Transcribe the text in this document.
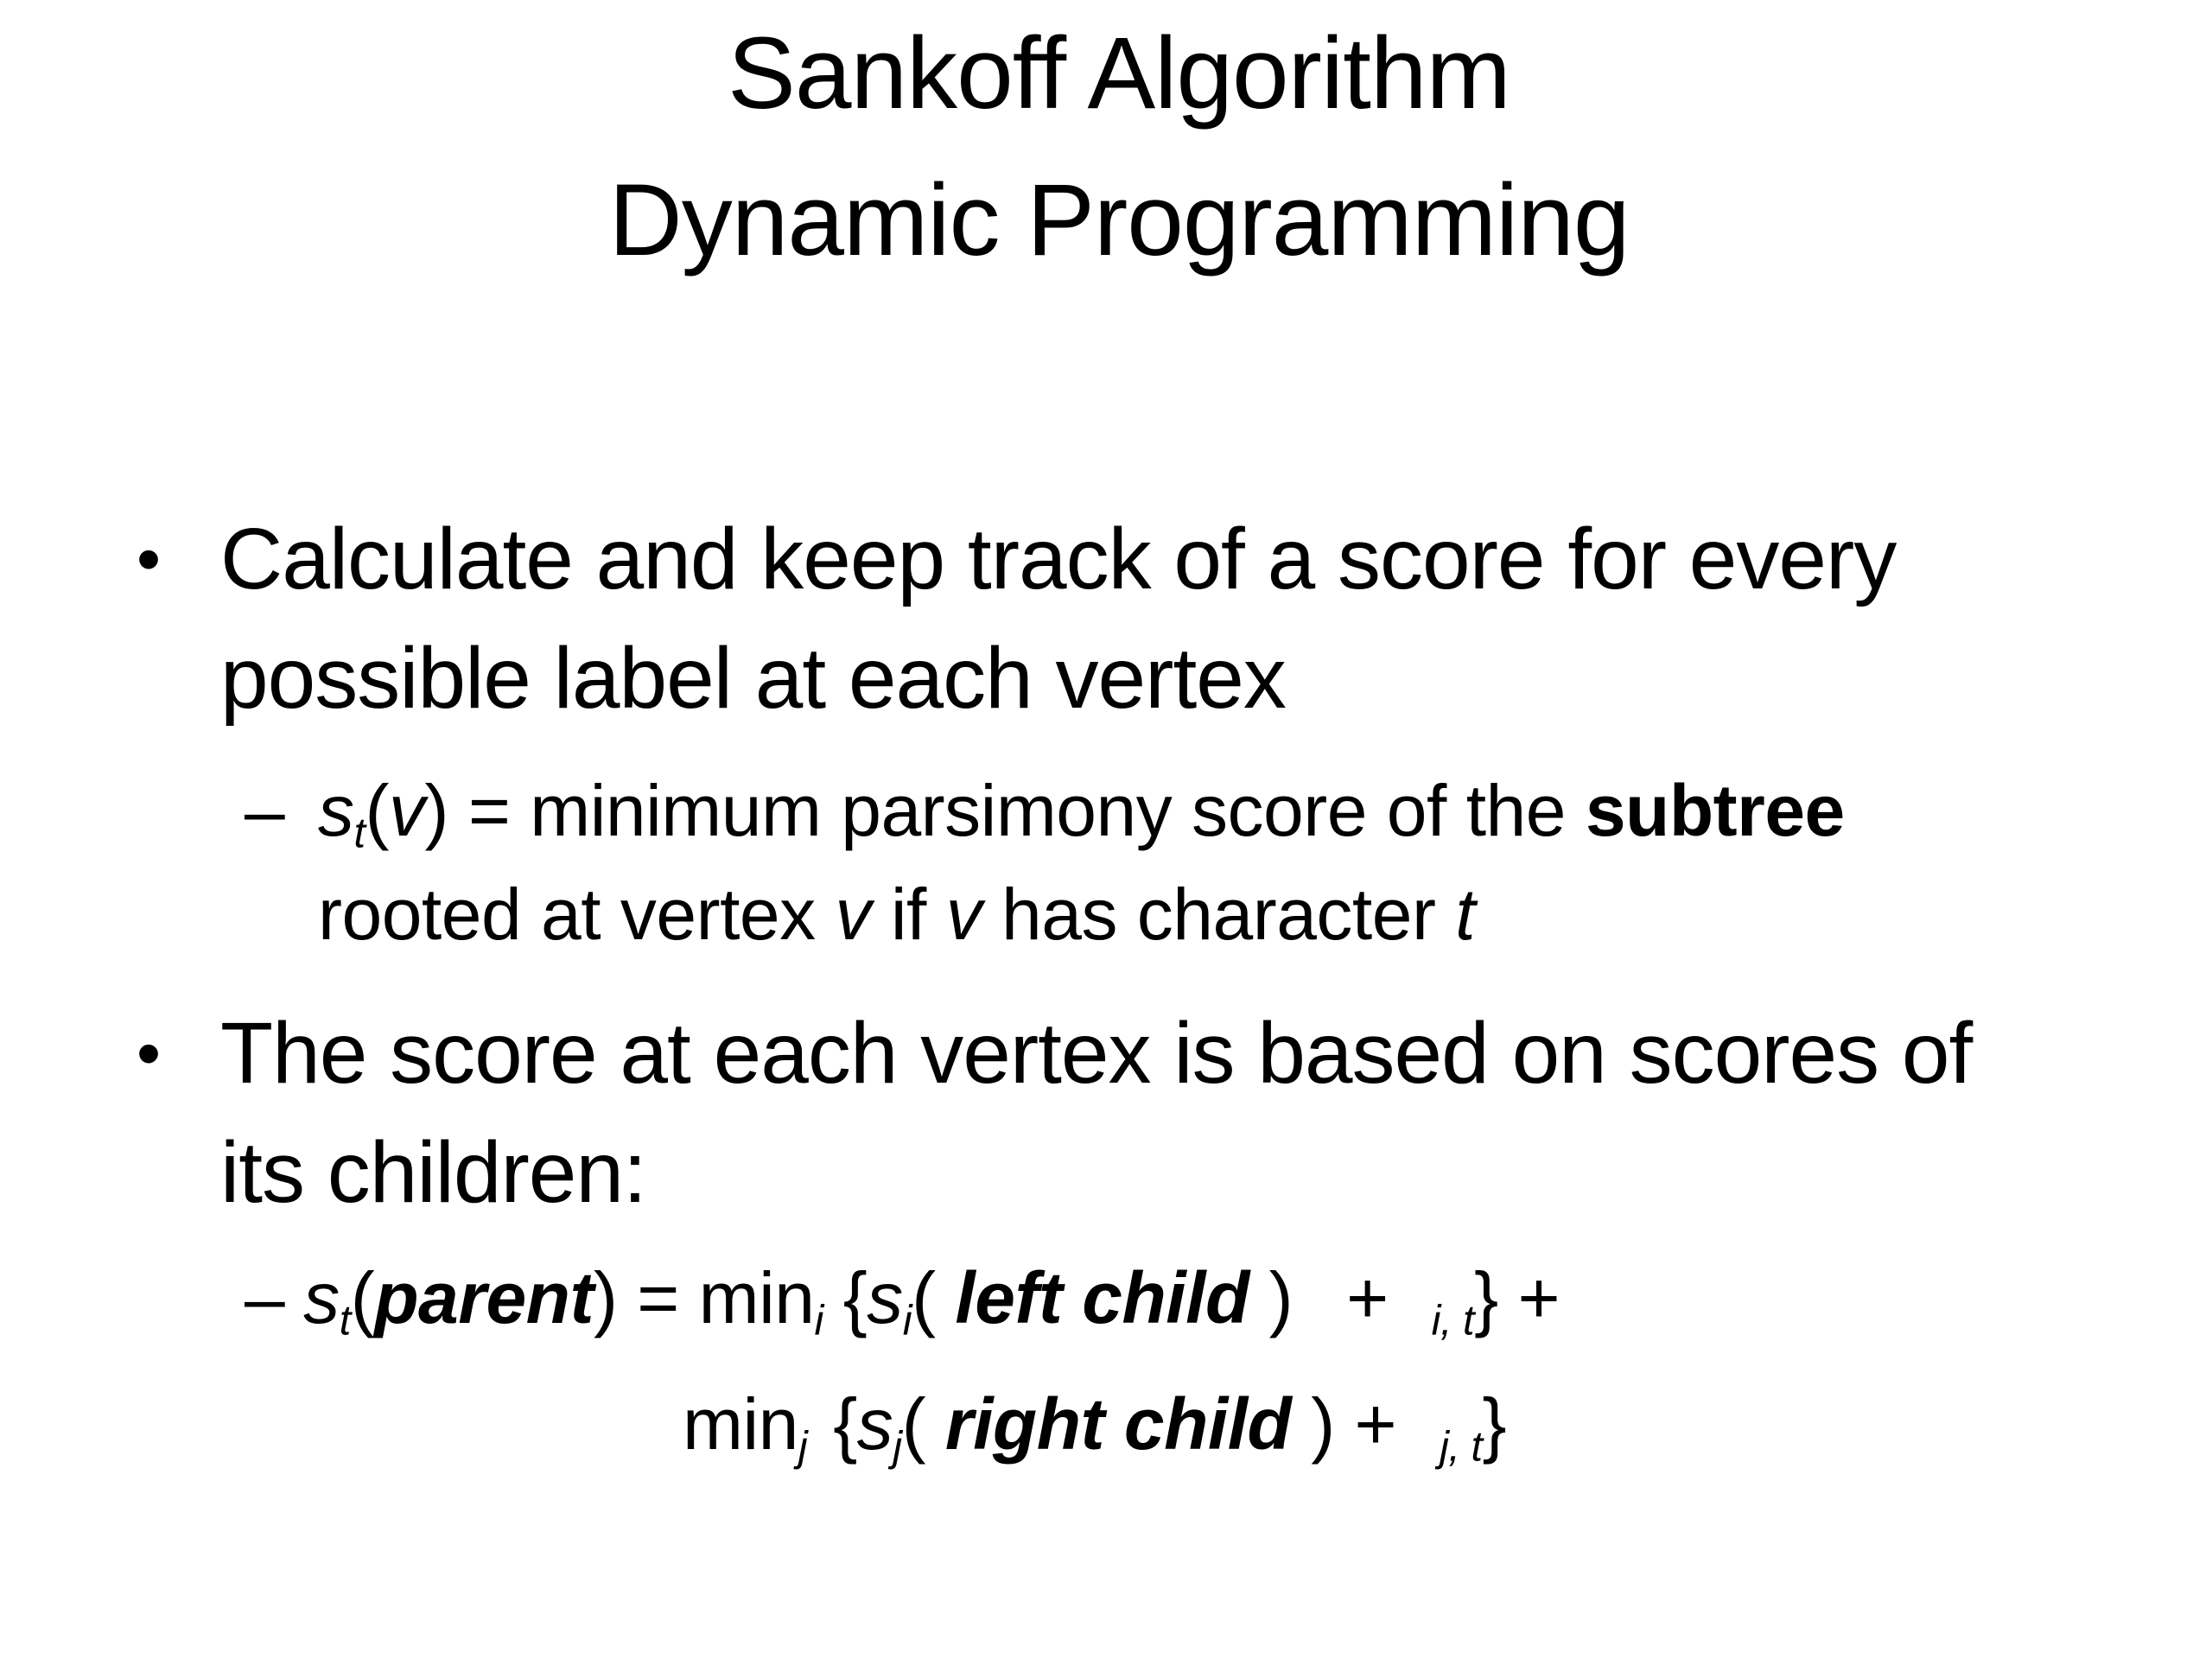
Sankoff Algorithm
Dynamic Programming
• Calculate and keep track of a score for every
possible label at each vertex
– $s_t(v)$ = minimum parsimony score of the subtree
rooted at vertex v if v has character t
• The score at each vertex is based on scores of
its children:
– $s_t(parent) = \min_i \{s_i$( left child ) + $_{i, t}$} +
$\min_j \{s_j$( right child ) + $_{j, t}$}
